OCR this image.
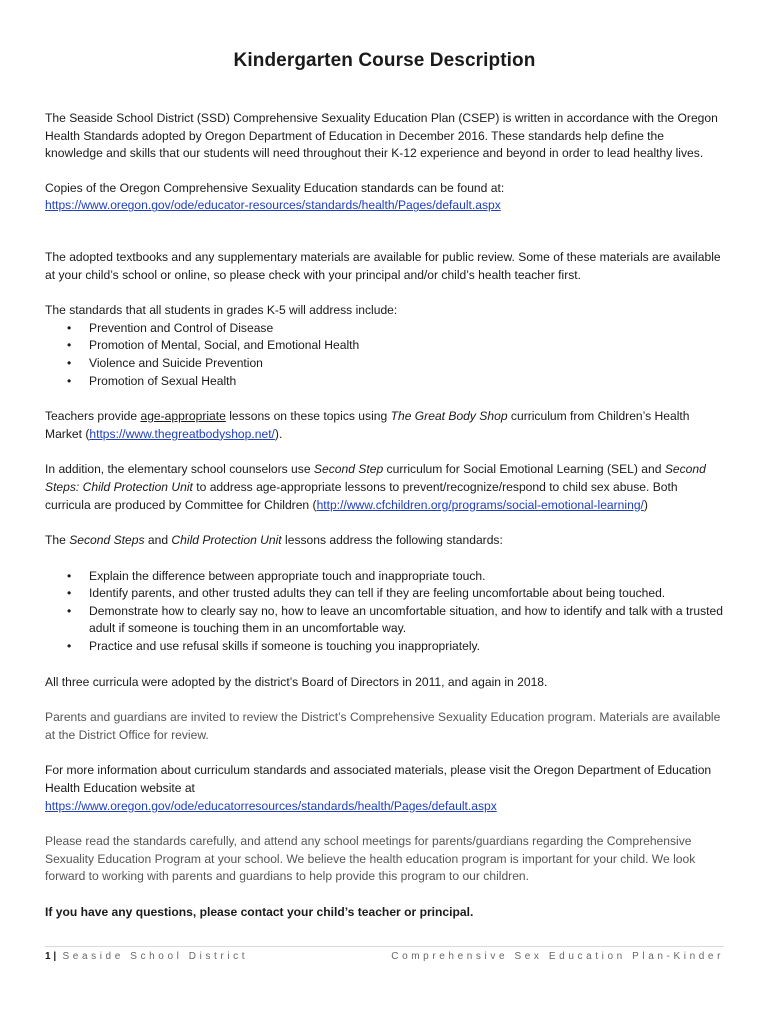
Kindergarten Course Description

The Seaside School District (SSD) Comprehensive Sexuality Education Plan (CSEP) is written in accordance with the Oregon Health Standards adopted by Oregon Department of Education in December 2016. These standards help define the knowledge and skills that our students will need throughout their K-12 experience and beyond in order to lead healthy lives.

Copies of the Oregon Comprehensive Sexuality Education standards can be found at:
https://www.oregon.gov/ode/educator-resources/standards/health/Pages/default.aspx

The adopted textbooks and any supplementary materials are available for public review. Some of these materials are available at your child’s school or online, so please check with your principal and/or child’s health teacher first.

The standards that all students in grades K-5 will address include:

• Prevention and Control of Disease
• Promotion of Mental, Social, and Emotional Health
• Violence and Suicide Prevention
• Promotion of Sexual Health

Teachers provide age-appropriate lessons on these topics using The Great Body Shop curriculum from Children’s Health Market (https://www.thegreatbodyshop.net/).

In addition, the elementary school counselors use Second Step curriculum for Social Emotional Learning (SEL) and Second Steps: Child Protection Unit to address age-appropriate lessons to prevent/recognize/respond to child sex abuse. Both curricula are produced by Committee for Children (http://www.cfchildren.org/programs/social-emotional-learning/)

The Second Steps and Child Protection Unit lessons address the following standards:

• Explain the difference between appropriate touch and inappropriate touch.
• Identify parents, and other trusted adults they can tell if they are feeling uncomfortable about being touched.
• Demonstrate how to clearly say no, how to leave an uncomfortable situation, and how to identify and talk with a trusted adult if someone is touching them in an uncomfortable way.
• Practice and use refusal skills if someone is touching you inappropriately.

All three curricula were adopted by the district’s Board of Directors in 2011, and again in 2018.

Parents and guardians are invited to review the District’s Comprehensive Sexuality Education program. Materials are available at the District Office for review.

For more information about curriculum standards and associated materials, please visit the Oregon Department of Education Health Education website at
https://www.oregon.gov/ode/educatorresources/standards/health/Pages/default.aspx

Please read the standards carefully, and attend any school meetings for parents/guardians regarding the Comprehensive Sexuality Education Program at your school. We believe the health education program is important for your child. We look forward to working with parents and guardians to help provide this program to our children.

If you have any questions, please contact your child’s teacher or principal.

1 | Seaside School District	Comprehensive Sex Education Plan-Kinder
